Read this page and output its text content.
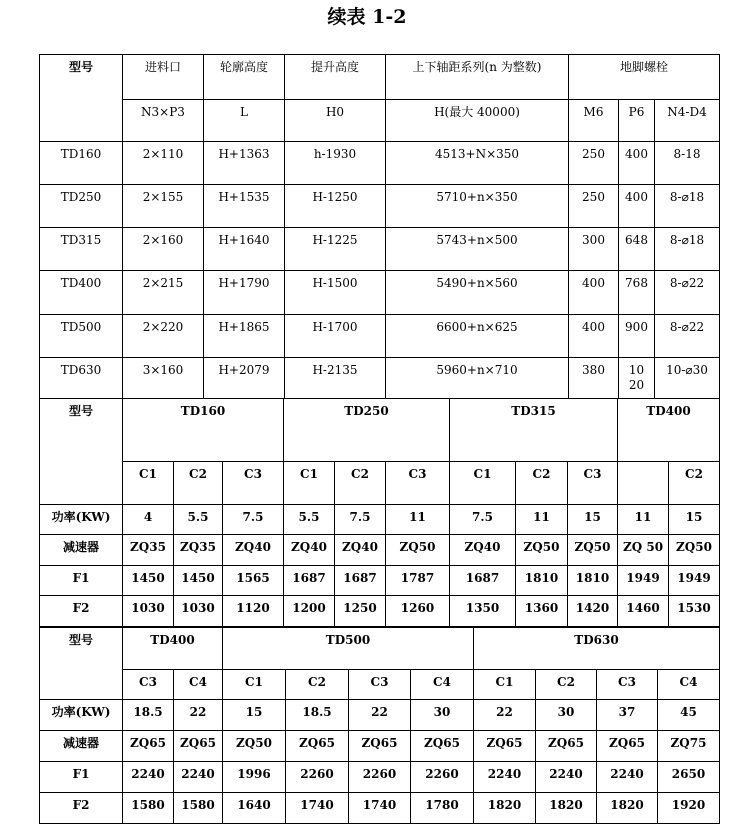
续表 1-2
型号	进料口	轮廓高度	提升高度	上下轴距系列(n 为整数)	地脚螺栓		

	N3×P3	L	H0	H(最大 40000)	M6	P6	N4-D4

TD160	2×110	H+1363	h-1930	4513+N×350	250	400	8-18

TD250	2×155	H+1535	H-1250	5710+n×350	250	400	8-⌀18

TD315	2×160	H+1640	H-1225	5743+n×500	300	648	8-⌀18

TD400	2×215	H+1790	H-1500	5490+n×560	400	768	8-⌀22

TD500	2×220	H+1865	H-1700	6600+n×625	400	900	8-⌀22

TD630	3×160	H+2079	H-2135	5960+n×710	380	1020	10-⌀30
型号	TD160			TD250			TD315			TD400	

	C1	C2	C3	C1	C2	C3	C1	C2	C3		C2

功率(KW)	4	5.5	7.5	5.5	7.5	11	7.5	11	15	11	15

减速器	ZQ35	ZQ35	ZQ40	ZQ40	ZQ40	ZQ50	ZQ40	ZQ50	ZQ50	ZQ 50	ZQ50

F1	1450	1450	1565	1687	1687	1787	1687	1810	1810	1949	1949

F2	1030	1030	1120	1200	1250	1260	1350	1360	1420	1460	1530
型号	TD400		TD500				TD630			

	C3	C4	C1	C2	C3	C4	C1	C2	C3	C4

功率(KW)	18.5	22	15	18.5	22	30	22	30	37	45

减速器	ZQ65	ZQ65	ZQ50	ZQ65	ZQ65	ZQ65	ZQ65	ZQ65	ZQ65	ZQ75

F1	2240	2240	1996	2260	2260	2260	2240	2240	2240	2650

F2	1580	1580	1640	1740	1740	1780	1820	1820	1820	1920
